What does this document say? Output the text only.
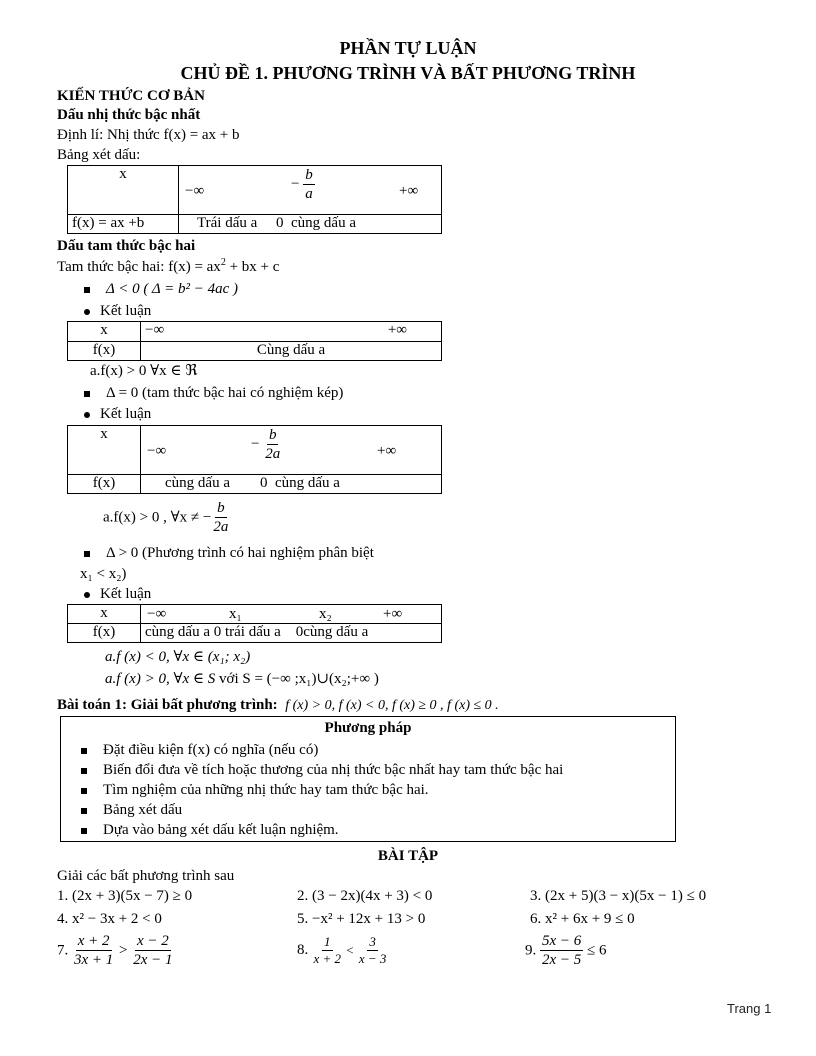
PHẦN TỰ LUẬN
CHỦ ĐỀ 1. PHƯƠNG TRÌNH VÀ BẤT PHƯƠNG TRÌNH
KIẾN THỨC CƠ BẢN
Dấu nhị thức bậc nhất
Định lí: Nhị thức f(x) = ax + b
Bảng xét dấu:
x	−∞ − $\frac{b}{a}$ +∞

f(x) = ax +b	Trái dấu a     0  cùng dấu a
Dấu tam thức bậc hai
Tam thức bậc hai: $f(x) = ax^2$ + bx + c
Δ < 0 ( Δ = b² − 4ac )
Kết luận
x	−∞ +∞

f(x)	Cùng dấu a
a.f(x) > 0 ∀x ∈ ℜ
Δ = 0 (tam thức bậc hai có nghiệm kép)
Kết luận
x	−∞ − $\frac{b}{2a}$ +∞

f(x)	cùng dấu a        0  cùng dấu a
a.f(x) > 0 , ∀x ≠ − $\frac{b}{2a}$
Δ > 0 (Phương trình có hai nghiệm phân biệt
x₁ < x₂)
Kết luận
x	−∞ x₁ x₂ +∞

f(x)	cùng dấu a 0 trái dấu a    0cùng dấu a
a.f (x) < 0, ∀x ∈ (x₁; x₂)
a.f (x) > 0, ∀x ∈ S với S = (−∞ ;x₁)∪(x₂;+∞ )
Bài toán 1: Giải bất phương trình: f (x) > 0, f (x) < 0, f (x) ≥ 0 , f (x) ≤ 0 .
Phương pháp
Đặt điều kiện f(x) có nghĩa (nếu có)
Biến đổi đưa về tích hoặc thương của nhị thức bậc nhất hay tam thức bậc hai
Tìm nghiệm của những nhị thức hay tam thức bậc hai.
Bảng xét dấu
Dựa vào bảng xét dấu kết luận nghiệm.
BÀI TẬP
Giải các bất phương trình sau
1. (2x + 3)(5x − 7) ≥ 0	2. (3 − 2x)(4x + 3) < 0	3. (2x + 5)(3 − x)(5x − 1) ≤ 0
4. x² − 3x + 2 < 0	5. −x² + 12x + 13 > 0	6. x² + 6x + 9 ≤ 0
7. $\frac{x + 2}{3x + 1} > \frac{x - 2}{2x - 1}$	8. $\frac{1}{x + 2} < \frac{3}{x - 3}$	9. $\frac{5x - 6}{2x - 5} \le 6$
Trang 1
